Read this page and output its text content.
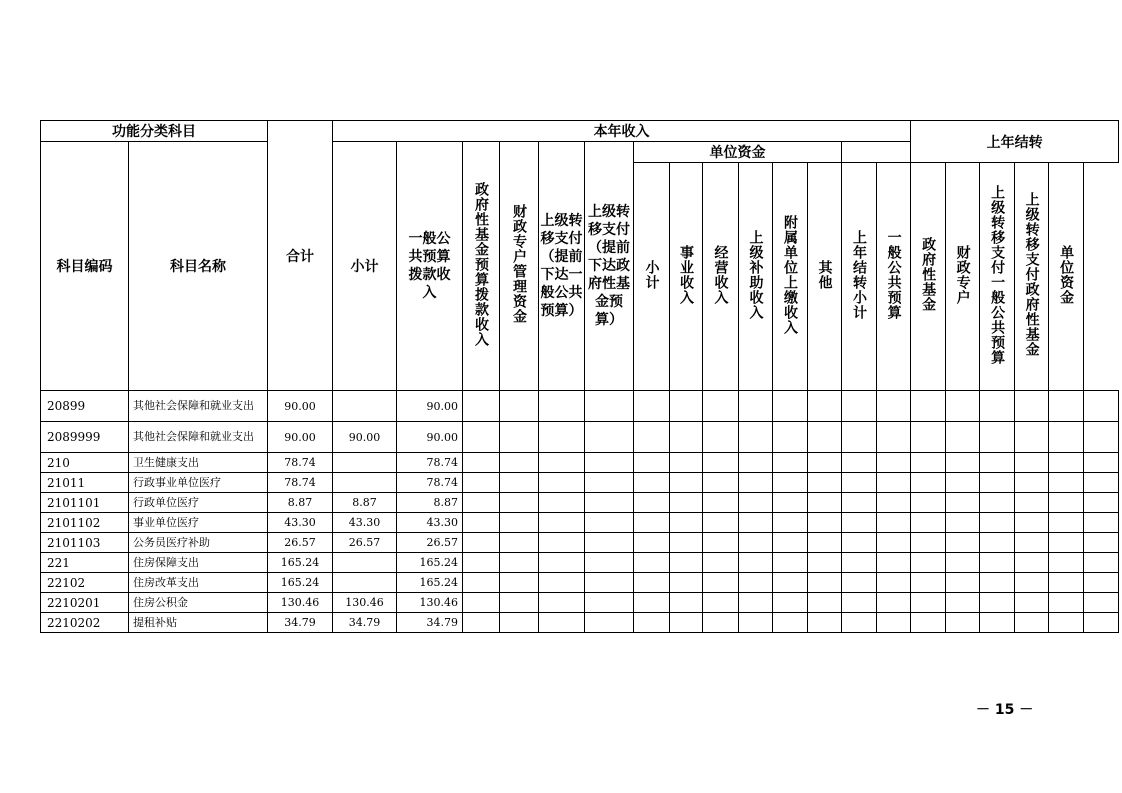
功能分类科目		合计	本年收入														上年结转					
科目编码	科目名称		小计	一般公共预算拨款收入	政府性基金预算拨款收入	财政专户管理资金	上级转移支付（提前下达一般公共预算）	上级转移支付（提前下达政府性基金预算）	单位资金													
									小计	事业收入	经营收入	上级补助收入	附属单位上缴收入	其他	上年结转小计	一般公共预算	政府性基金	财政专户	上级转移支付一般公共预算	上级转移支付政府性基金	单位资金	
20899	其他社会保障和就业支出	90.00		90.00																		
2089999	其他社会保障和就业支出	90.00	90.00	90.00																		
210	卫生健康支出	78.74		78.74																		
21011	行政事业单位医疗	78.74		78.74																		
2101101	行政单位医疗	8.87	8.87	8.87																		
2101102	事业单位医疗	43.30	43.30	43.30																		
2101103	公务员医疗补助	26.57	26.57	26.57																		
221	住房保障支出	165.24		165.24																		
22102	住房改革支出	165.24		165.24																		
2210201	住房公积金	130.46	130.46	130.46																		
2210202	提租补贴	34.79	34.79	34.79																		
－ 15 －
